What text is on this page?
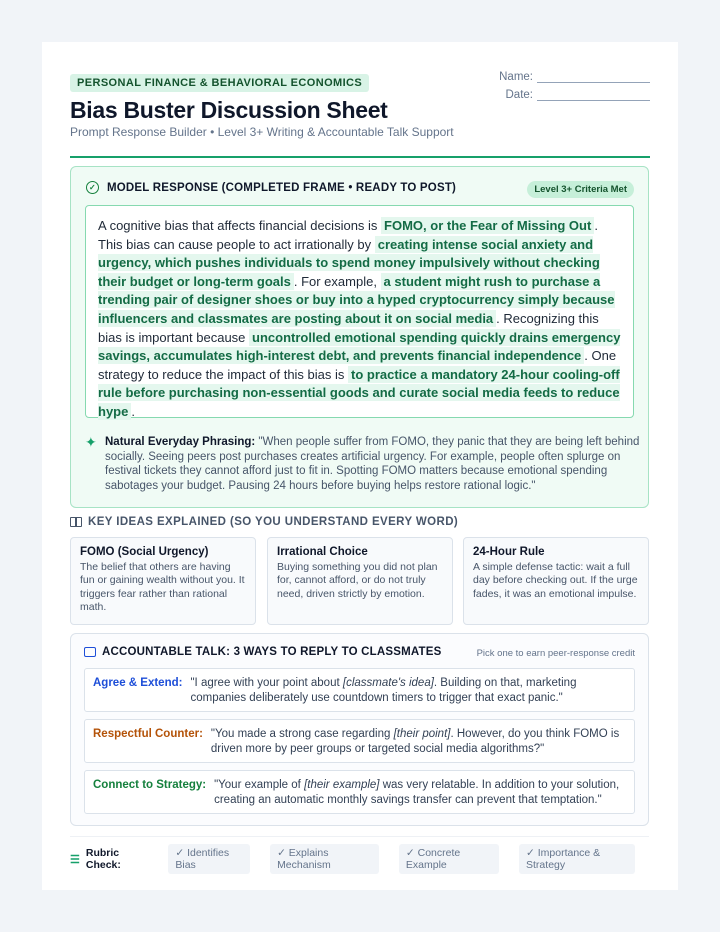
PERSONAL FINANCE & BEHAVIORAL ECONOMICS
Bias Buster Discussion Sheet
Prompt Response Builder • Level 3+ Writing & Accountable Talk Support
Name:
Date:
✓ MODEL RESPONSE (COMPLETED FRAME • READY TO POST)	Level 3+ Criteria Met
A cognitive bias that affects financial decisions is FOMO, or the Fear of Missing Out . This bias can cause people to act irrationally by creating intense social anxiety and urgency, which pushes individuals to spend money impulsively without checking their budget or long-term goals . For example, a student might rush to purchase a trending pair of designer shoes or buy into a hyped cryptocurrency simply because influencers and classmates are posting about it on social media . Recognizing this bias is important because uncontrolled emotional spending quickly drains emergency savings, accumulates high-interest debt, and prevents financial independence . One strategy to reduce the impact of this bias is to practice a mandatory 24-hour cooling-off rule before purchasing non-essential goods and curate social media feeds to reduce hype .
✦ Natural Everyday Phrasing: "When people suffer from FOMO, they panic that they are being left behind socially. Seeing peers post purchases creates artificial urgency. For example, people often splurge on festival tickets they cannot afford just to fit in. Spotting FOMO matters because emotional spending sabotages your budget. Pausing 24 hours before buying helps restore rational logic."
KEY IDEAS EXPLAINED (SO YOU UNDERSTAND EVERY WORD)
FOMO (Social Urgency)

The belief that others are having fun or gaining wealth without you. It triggers fear rather than rational math.

Irrational Choice

Buying something you did not plan for, cannot afford, or do not truly need, driven strictly by emotion.

24-Hour Rule

A simple defense tactic: wait a full day before checking out. If the urge fades, it was an emotional impulse.

ACCOUNTABLE TALK: 3 WAYS TO REPLY TO CLASSMATES	Pick one to earn peer-response credit
Agree & Extend: "I agree with your point about [classmate's idea]. Building on that, marketing companies deliberately use countdown timers to trigger that exact panic."
Respectful Counter: "You made a strong case regarding [their point]. However, do you think FOMO is driven more by peer groups or targeted social media algorithms?"
Connect to Strategy: "Your example of [their example] was very relatable. In addition to your solution, creating an automatic monthly savings transfer can prevent that temptation."
☰
Rubric Check:
✓ Identifies Bias
✓ Explains Mechanism
✓ Concrete Example
✓ Importance & Strategy
